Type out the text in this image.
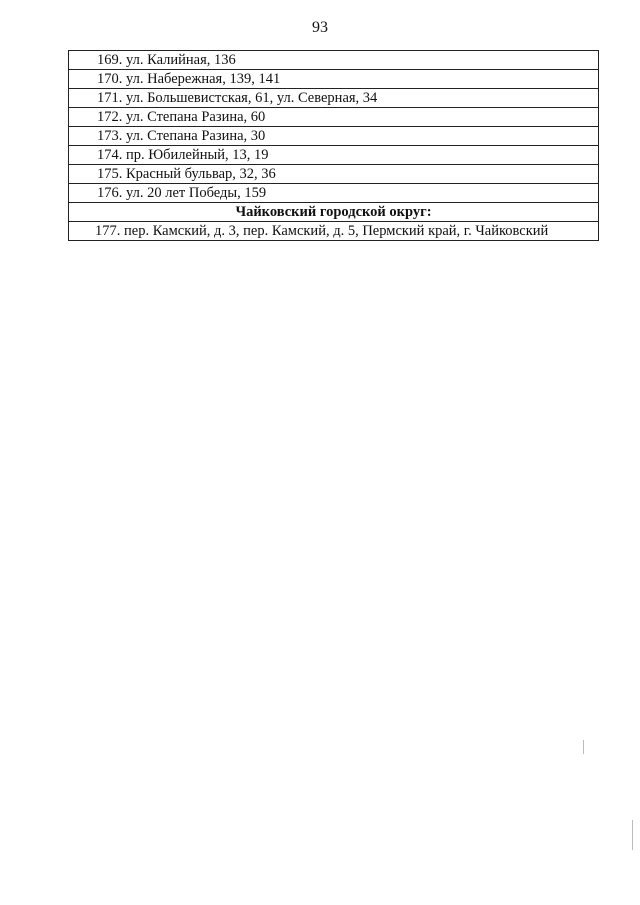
93
169. ул. Калийная, 136
170. ул. Набережная, 139, 141
171. ул. Большевистская, 61, ул. Северная, 34
172. ул. Степана Разина, 60
173. ул. Степана Разина, 30
174. пр. Юбилейный, 13, 19
175. Красный бульвар, 32, 36
176. ул. 20 лет Победы, 159
Чайковский городской округ:
177. пер. Камский, д. 3, пер. Камский, д. 5, Пермский край, г. Чайковский
